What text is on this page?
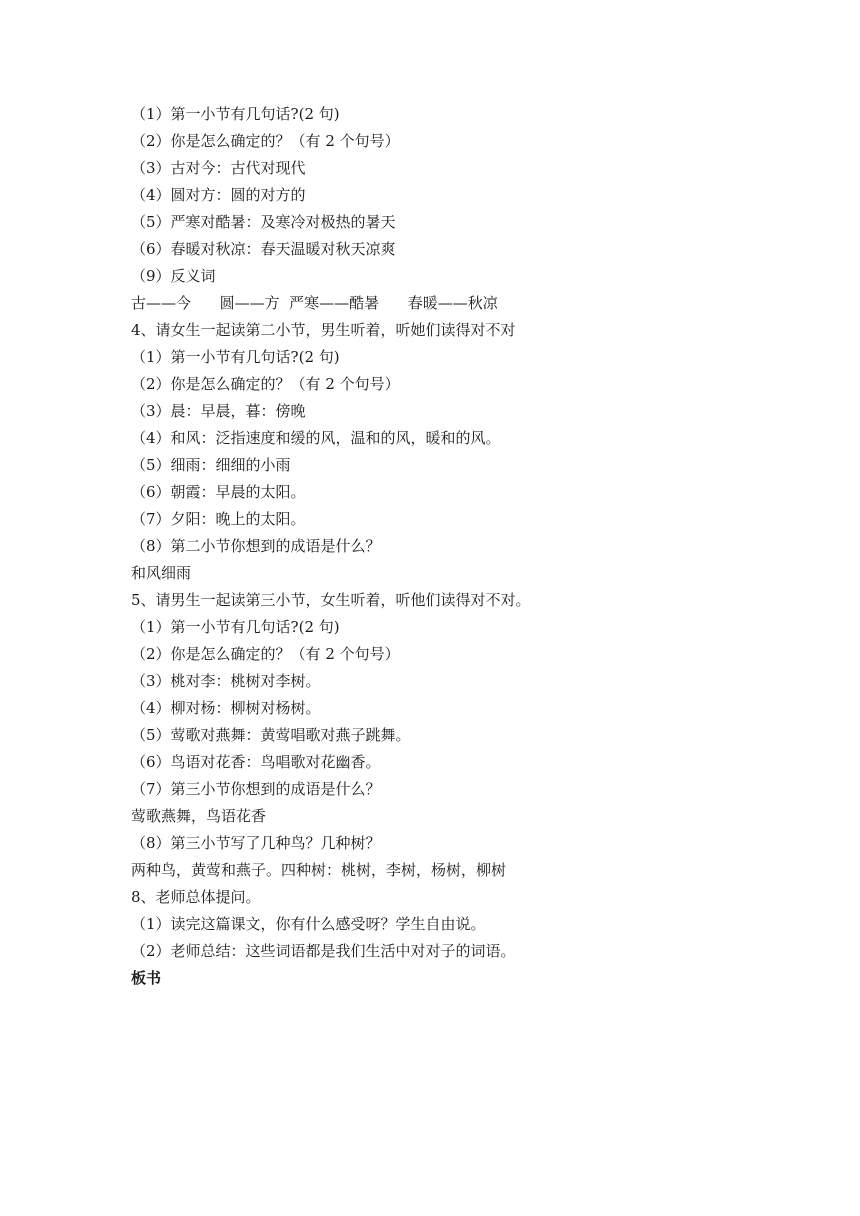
（1）第一小节有几句话?(2 句)
（2）你是怎么确定的？（有 2 个句号）
（3）古对今：古代对现代
（4）圆对方：圆的对方的
（5）严寒对酷暑：及寒冷对极热的暑天
（6）春暖对秋凉：春天温暖对秋天凉爽
（9）反义词
古——今      圆——方  严寒——酷暑      春暖——秋凉
4、请女生一起读第二小节，男生听着，听她们读得对不对
（1）第一小节有几句话?(2 句)
（2）你是怎么确定的？（有 2 个句号）
（3）晨：早晨，暮：傍晚
（4）和风：泛指速度和缓的风，温和的风，暖和的风。
（5）细雨：细细的小雨
（6）朝霞：早晨的太阳。
（7）夕阳：晚上的太阳。
（8）第二小节你想到的成语是什么？
和风细雨
5、请男生一起读第三小节，女生听着，听他们读得对不对。
（1）第一小节有几句话?(2 句)
（2）你是怎么确定的？（有 2 个句号）
（3）桃对李：桃树对李树。
（4）柳对杨：柳树对杨树。
（5）莺歌对燕舞：黄莺唱歌对燕子跳舞。
（6）鸟语对花香：鸟唱歌对花幽香。
（7）第三小节你想到的成语是什么？
莺歌燕舞，鸟语花香
（8）第三小节写了几种鸟？几种树？
两种鸟，黄莺和燕子。四种树：桃树，李树，杨树，柳树
8、老师总体提问。
（1）读完这篇课文，你有什么感受呀？学生自由说。
（2）老师总结：这些词语都是我们生活中对对子的词语。
板书
